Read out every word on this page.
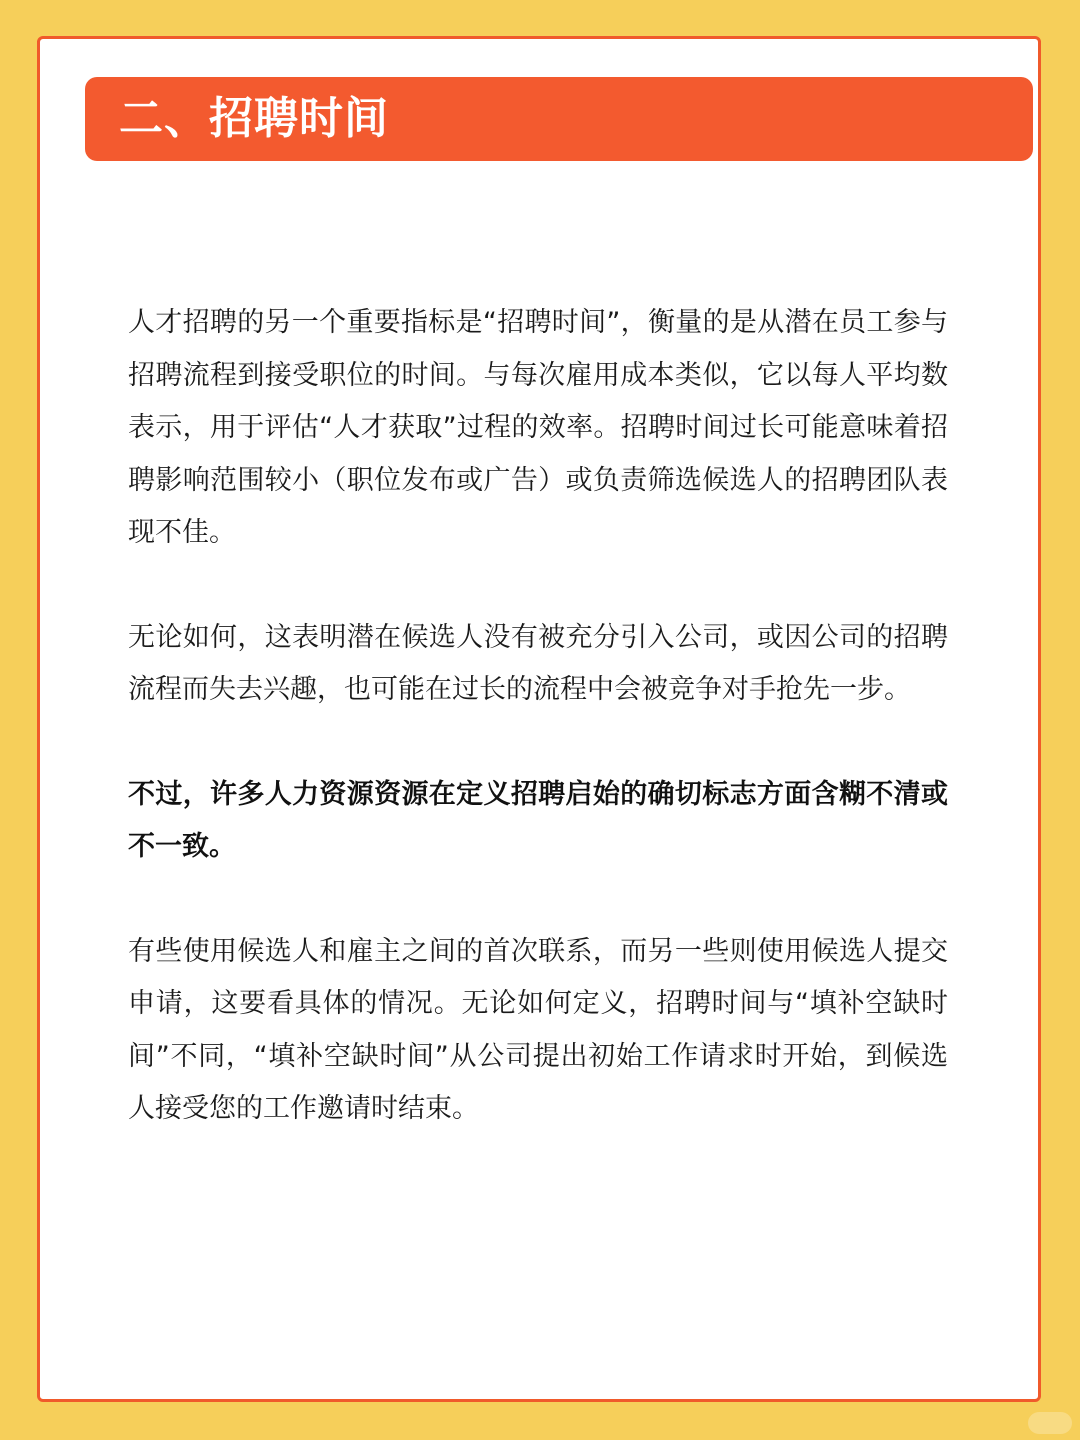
二、招聘时间

人才招聘的另一个重要指标是“招聘时间”，衡量的是从潜在员工参与招聘流程到接受职位的时间。与每次雇用成本类似，它以每人平均数表示，用于评估“人才获取”过程的效率。招聘时间过长可能意味着招聘影响范围较小（职位发布或广告）或负责筛选候选人的招聘团队表现不佳。

无论如何，这表明潜在候选人没有被充分引入公司，或因公司的招聘流程而失去兴趣，也可能在过长的流程中会被竞争对手抢先一步。

不过，许多人力资源资源在定义招聘启始的确切标志方面含糊不清或不一致。

有些使用候选人和雇主之间的首次联系，而另一些则使用候选人提交申请，这要看具体的情况。无论如何定义，招聘时间与“填补空缺时间”不同，“填补空缺时间”从公司提出初始工作请求时开始，到候选人接受您的工作邀请时结束。
